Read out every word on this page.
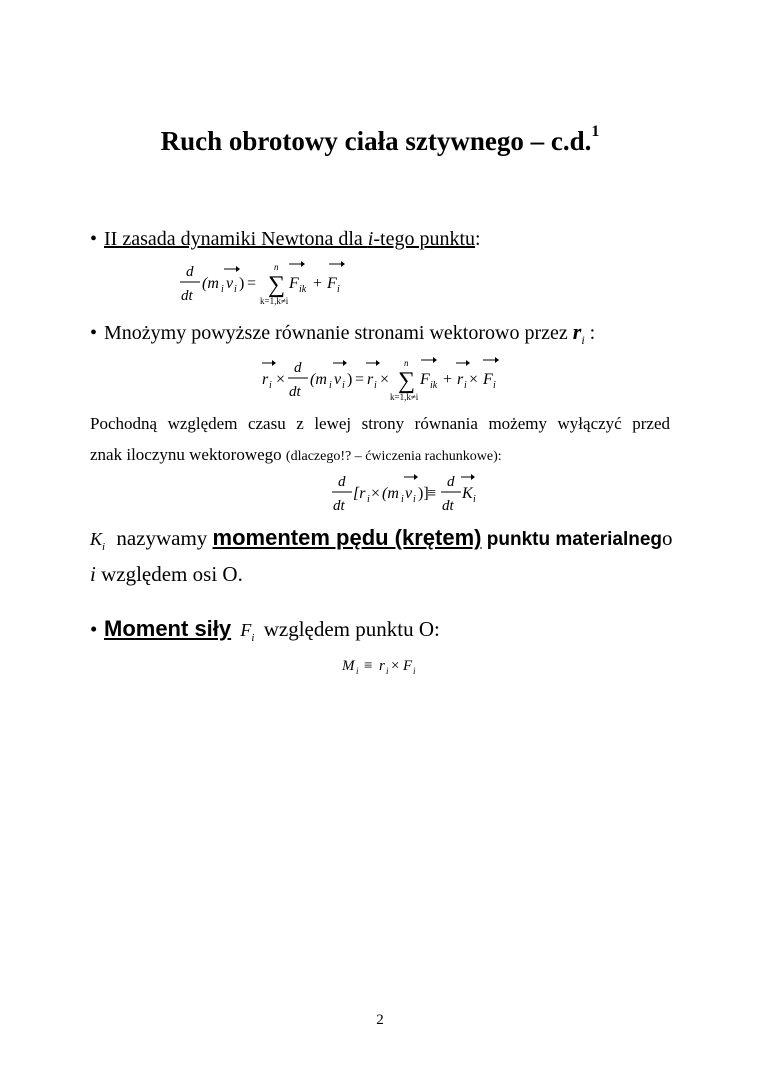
Ruch obrotowy ciała sztywnego – c.d.$^1$
• II zasada dynamiki Newtona dla i-tego punktu:
d
dt
(m i v i ) =
n
∑
k=1,k≠i
F ik + F i
• Mnożymy powyższe równanie stronami wektorowo przez $r_i$ :
r i ×
d
dt
(m i v i ) = r i ×
n
∑
k=1,k≠i
F ik + r i × F i
Pochodną względem czasu z lewej strony równania możemy wyłączyć przed
znak iloczynu wektorowego (dlaczego!? – ćwiczenia rachunkowe):
d
dt
[r i × (m i v i )]
≡
d
dt
K i
$K_i$ nazywamy momentem pędu (krętem) punktu materialnego
i względem osi O.
• Moment siły $F_i$ względem punktu O:
M i ≡ r i × F i
2
